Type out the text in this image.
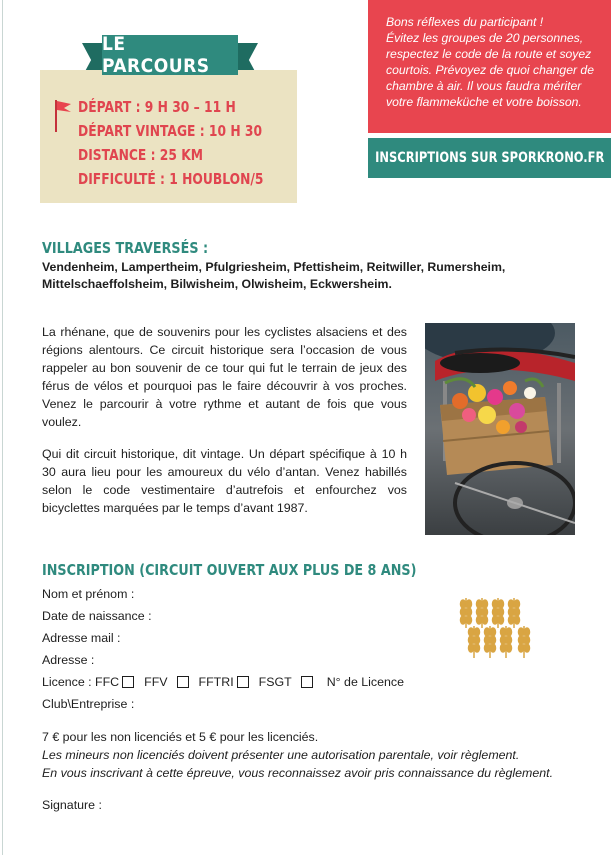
LE PARCOURS
DÉPART : 9 H 30 – 11 H
DÉPART VINTAGE : 10 H 30
DISTANCE : 25 KM
DIFFICULTÉ : 1 HOUBLON/5
Bons réflexes du participant !
Évitez les groupes de 20 personnes,
respectez le code de la route et soyez
courtois. Prévoyez de quoi changer de
chambre à air. Il vous faudra mériter
votre flammeküche et votre boisson.
INSCRIPTIONS SUR SPORKRONO.FR
VILLAGES TRAVERSÉS :
Vendenheim, Lampertheim, Pfulgriesheim, Pfettisheim, Reitwiller, Rumersheim,
Mittelschaeffolsheim, Bilwisheim, Olwisheim, Eckwersheim.
La rhénane, que de souvenirs pour les cyclistes alsaciens et des régions alentours. Ce circuit historique sera l’occasion de vous rappeler au bon souvenir de ce tour qui fut le terrain de jeux des férus de vélos et pourquoi pas le faire découvrir à vos proches. Venez le parcourir à votre rythme et autant de fois que vous voulez.
Qui dit circuit historique, dit vintage. Un départ spécifique à 10 h 30 aura lieu pour les amoureux du vélo d’antan. Venez habillés selon le code vestimentaire d’autrefois et enfourchez vos bicyclettes marquées par le temps d’avant 1987.
INSCRIPTION (CIRCUIT OUVERT AUX PLUS DE 8 ANS)
Nom et prénom :
Date de naissance :
Adresse mail :
Adresse :
Licence :
FFC FFV	FFTRI FSGT	N° de Licence
Club\Entreprise :
7 € pour les non licenciés et 5 € pour les licenciés.
Les mineurs non licenciés doivent présenter une autorisation parentale, voir règlement.
En vous inscrivant à cette épreuve, vous reconnaissez avoir pris connaissance du règlement.
Signature :
